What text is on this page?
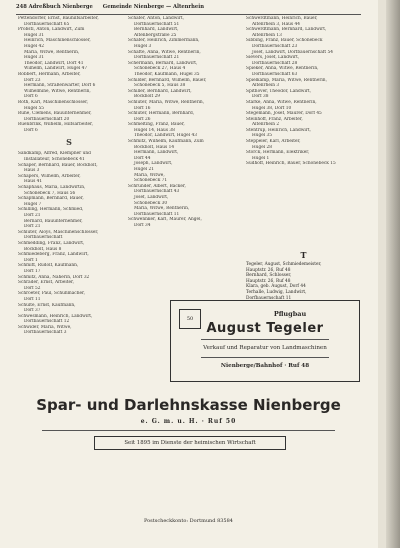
248 Adreßbuch Nienberge Gemeinde Nienberge — Altenrhein
Pettendörfer, Ernst, Bauhilfsarbeiter,
Dorfbauernschaft 65
Pröbstl, Anton, Landwirt, Zum
Hügel 31
Heinrich, Maschinenschlosser,
Hügel 42
Maria, Witwe, Rentnerin,
Hügel 31
Theodor, Landwirt, Dorf 41
Wilhelm, Landwirt, Hügel 47
Robbert, Hermann, Arbeiter,
Dorf 23
Hermann, Straßenwärter, Dorf 6
Wilhelmine, Witwe, Rentnerin,
Dorf 6
Roth, Karl, Maschinenschlosser,
Hügel 55
Ruhe, Clemens, Bauunternehmer,
Dorfbauernschaft 20
Rüenbrink, Wilhelm, Hilfsarbeiter,
Dorf 6
S
Sandkamp, Alfred, Klempner und
Installateur, Schönebeck 41
Schäper, Bernhard, Bauer, Bockholt,
Haus 3
Schäpers, Wilhelm, Arbeiter,
Haus 41
Schaphaus, Maria, Landwirtin,
Schönebeck 7, Haus 56
Schapmann, Bernhard, Bauer,
Hügel 7
Schilling, Hermann, Schmied,
Dorf 21
Bernard, Bauunternehmer,
Dorf 21
Schlüter, Aloys, Maschinenschlosser,
Dorfbauernschaft
Schmedding, Franz, Landwirt,
Bockholt, Haus 8
Schmiedeberg, Franz, Landwirt,
Dorf 1
Schmitt, Rudolf, Kaufmann,
Dorf 17
Schmitz, Anna, Näherin, Dorf 32
Schräder, Ernst, Arbeiter,
Dorf 52
Schroeter, Paul, Schuhmacher,
Dorf 11
Schulte, Ernst, Kaufmann,
Dorf 37
Schwesmann, Heinrich, Landwirt,
Dorfbauernschaft 12
Schwider, Maria, Witwe,
Dorfbauernschaft 3
Schäfer, Anton, Landwirt,
Dorfbauernschaft 51
Bernhard, Landwirt,
Altenbergstraße 25
Schäfer, Heinrich, Zimmermann,
Hügel 3
Schafte, Anna, Witwe, Rentnerin,
Dorfbauernschaft 21
Schermann, Bernard, Landwirt,
Schönebeck 27, Haus 4
Theodor, Kaufmann, Hügel 35
Schilder, Bernhard, Wilhelm, Bauer,
Schönebeck 5, Haus 38
Schiller, Bernhard, Landwirt,
Bockholt 29
Schlüter, Maria, Witwe, Rentnerin,
Dorf 16
Schlüter, Hermann, Bernhard,
Dorf 26
Schmelting, Franz, Bauer,
Hügel 14, Haus 38
Theodor, Landwirt, Hügel 43
Schmitz, Wilhelm, Kaufmann, Zum
Bockholt, Haus 14
Hermann, Landwirt,
Dorf 44
Joseph, Landwirt,
Hügel 21
Maria, Witwe,
Schönebeck 71
Schründer, Albert, Bäcker,
Dorfbauernschaft 43
Josef, Landwirt,
Schönebeck 30
Maria, Witwe, Rentnerin,
Dorfbauernschaft 11
Schwennker, Karl, Maurer, Angel,
Dorf 34
Schwerdtmann, Heinrich, Bauer,
Altenrhein 3, Haus 44
Schwerdtmann, Bernhard, Landwirt,
Altenrhein 13
Sibbing, Franz, Bauer, Schönebeck
Dorfbauernschaft 23
Josef, Landwirt, Dorfbauernschaft 54
Sievers, Josef, Landwirt,
Dorfbauernschaft 28
Spieker, Anna, Witwe, Rentnerin,
Dorfbauernschaft 63
Spielkamp, Maria, Witwe, Rentnerin,
Altenrhein 3
Spithöver, Theodor, Landwirt,
Dorf 38
Starke, Anna, Witwe, Rentnerin,
Hügel 38, Dorf 10
Stegemann, Josef, Maurer, Dorf 45
Steinhoff, Franz, Arbeiter,
Altenrhein 2
Stentrup, Heinrich, Landwirt,
Hügel 35
Steppeler, Karl, Arbeiter,
Hügel 28
Storck, Hermann, Elektriker,
Hügel 1
Sudhoff, Heinrich, Bauer, Schönebeck 15
T
Tegeler, August, Schmiedemeister,
Hauptstr. 26, Ruf 48
Bernhard, Schlosser,
Hauptstr. 26, Ruf 48
Klara, geb. August, Dorf 44
Terhalle, Ludwig, Landwirt,
Dorfbauernschaft 11
50
Pflugbau
August Tegeler
Verkauf und Reparatur von Landmaschinen
Nienberge/Bahnhof · Ruf 48
Spar- und Darlehnskasse Nienberge
e. G. m. u. H. · Ruf 50
Seit 1895 im Dienste der heimischen Wirtschaft
Postscheckkonto: Dortmund 83584
